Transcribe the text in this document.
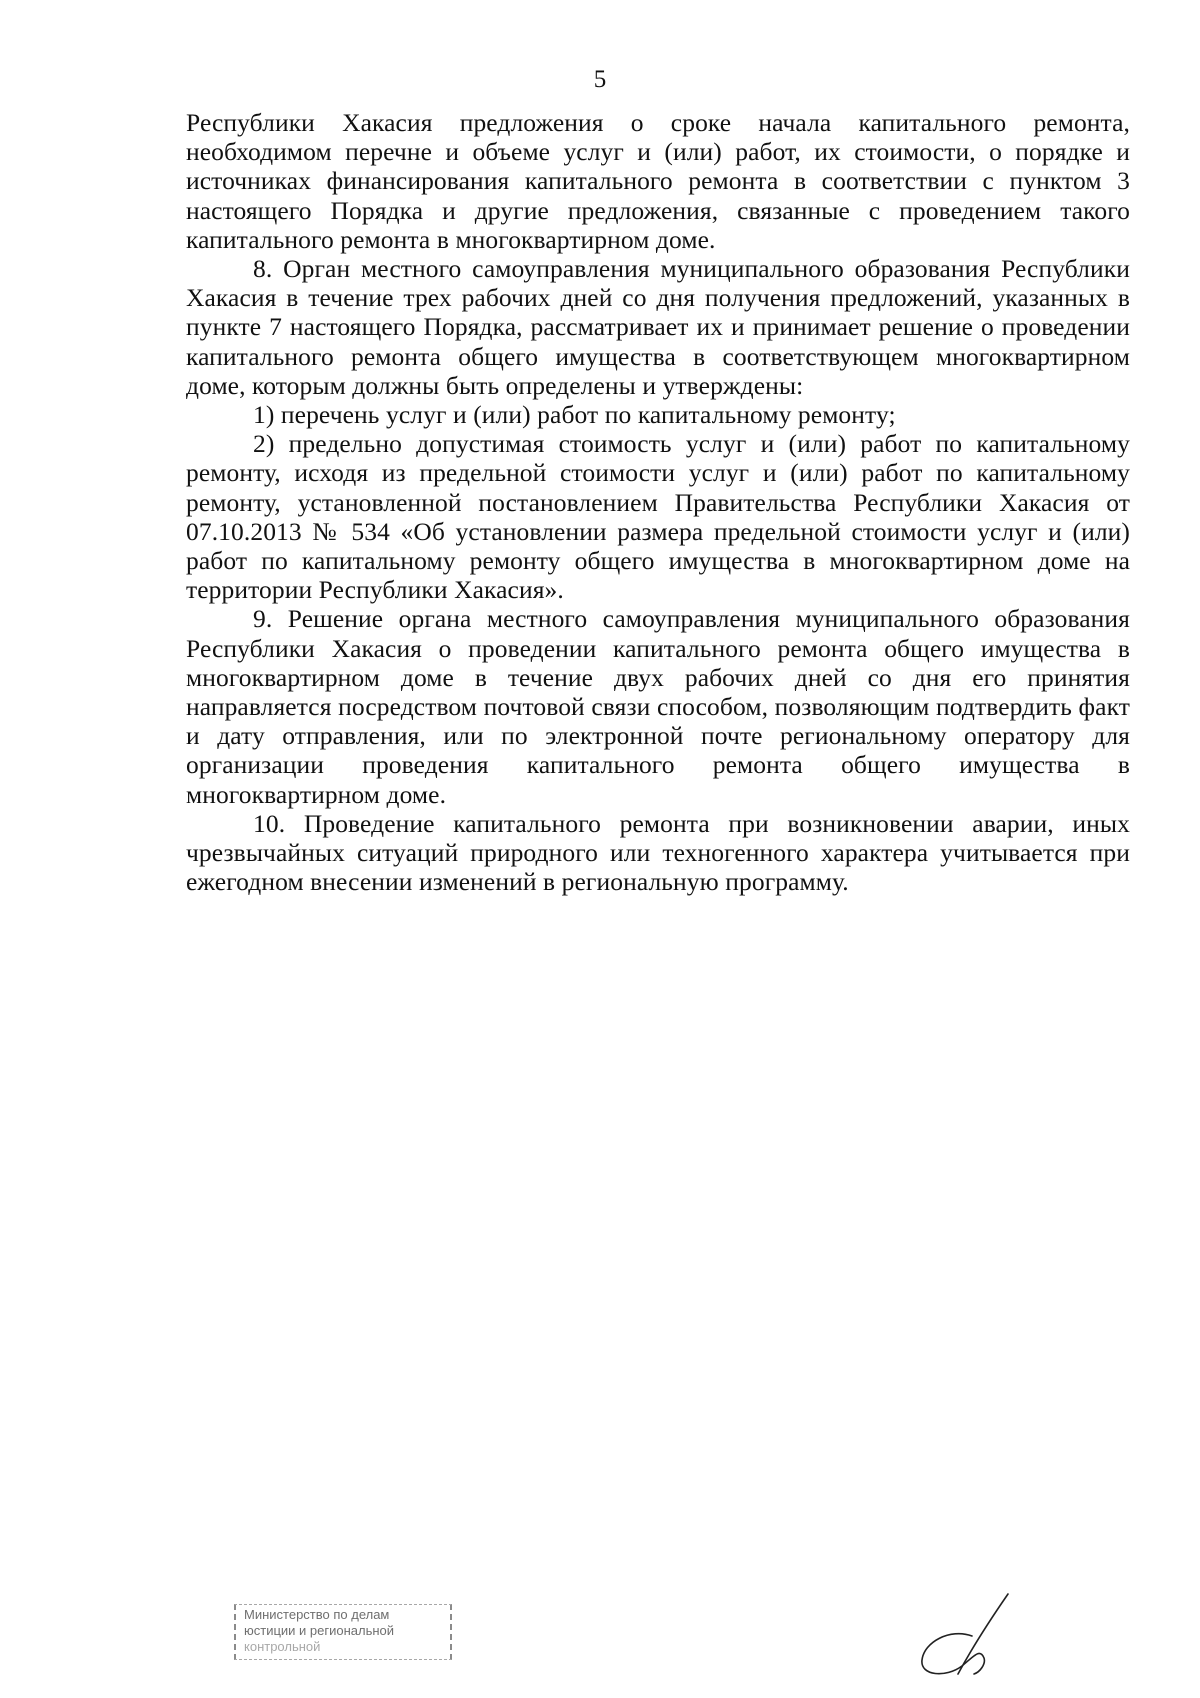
5

Республики Хакасия предложения о сроке начала капитального ремонта, необходимом перечне и объеме услуг и (или) работ, их стоимости, о порядке и источниках финансирования капитального ремонта в соответствии с пунктом 3 настоящего Порядка и другие предложения, связанные с проведением такого капитального ремонта в многоквартирном доме.

8. Орган местного самоуправления муниципального образования Республики Хакасия в течение трех рабочих дней со дня получения предложений, указанных в пункте 7 настоящего Порядка, рассматривает их и принимает решение о проведении капитального ремонта общего имущества в соответствующем многоквартирном доме, которым должны быть определены и утверждены:

1) перечень услуг и (или) работ по капитальному ремонту;

2) предельно допустимая стоимость услуг и (или) работ по капитальному ремонту, исходя из предельной стоимости услуг и (или) работ по капитальному ремонту, установленной постановлением Правительства Республики Хакасия от 07.10.2013 № 534 «Об установлении размера предельной стоимости услуг и (или) работ по капитальному ремонту общего имущества в многоквартирном доме на территории Республики Хакасия».

9. Решение органа местного самоуправления муниципального образования Республики Хакасия о проведении капитального ремонта общего имущества в многоквартирном доме в течение двух рабочих дней со дня его принятия направляется посредством почтовой связи способом, позволяющим подтвердить факт и дату отправления, или по электронной почте региональному оператору для организации проведения капитального ремонта общего имущества в многоквартирном доме.

10. Проведение капитального ремонта при возникновении аварии, иных чрезвычайных ситуаций природного или техногенного характера учитывается при ежегодном внесении изменений в региональную программу.

Министерство по делам
юстиции и региональной
контрольной
